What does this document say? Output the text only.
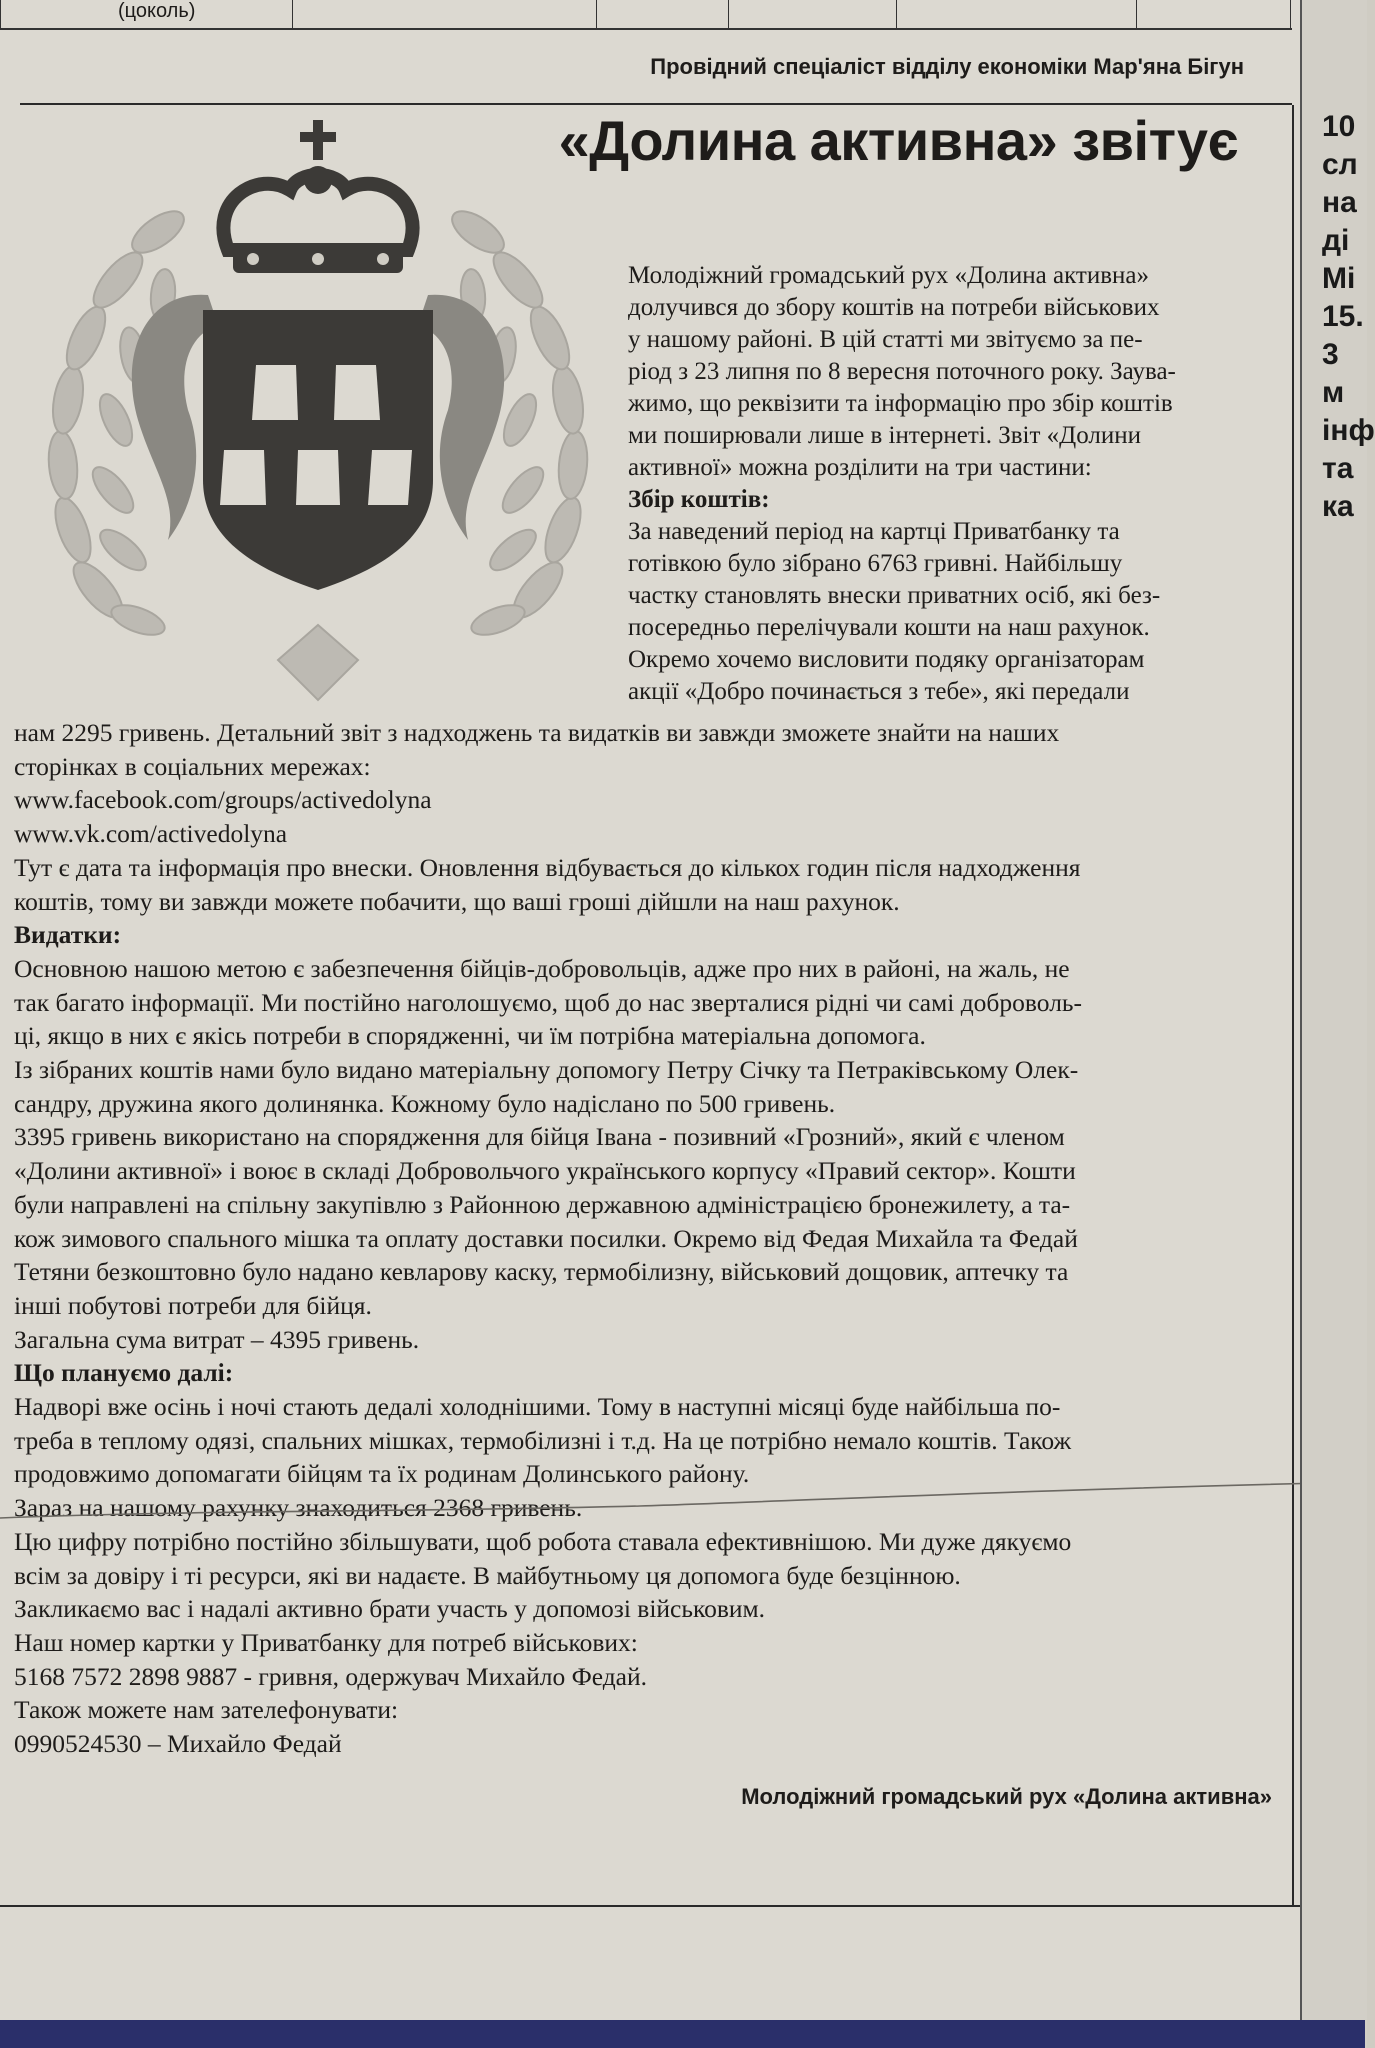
(цоколь)
Провідний спеціаліст відділу економіки Мар'яна Бігун
«Долина активна» звітує
Молодіжний громадський рух «Долина активна»
долучився до збору коштів на потреби військових
у нашому районі. В цій статті ми звітуємо за пе-
ріод з 23 липня по 8 вересня поточного року. Заува-
жимо, що реквізити та інформацію про збір коштів
ми поширювали лише в інтернеті. Звіт «Долини
активної» можна розділити на три частини:
Збір коштів:
За наведений період на картці Приватбанку та
готівкою було зібрано 6763 гривні. Найбільшу
частку становлять внески приватних осіб, які без-
посередньо перелічували кошти на наш рахунок.
Окремо хочемо висловити подяку організаторам
акції «Добро починається з тебе», які передали
нам 2295 гривень. Детальний звіт з надходжень та видатків ви завжди зможете знайти на наших
сторінках в соціальних мережах:
www.facebook.com/groups/activedolyna
www.vk.com/activedolyna
Тут є дата та інформація про внески. Оновлення відбувається до кількох годин після надходження
коштів, тому ви завжди можете побачити, що ваші гроші дійшли на наш рахунок.
Видатки:
Основною нашою метою є забезпечення бійців-добровольців, адже про них в районі, на жаль, не
так багато інформації. Ми постійно наголошуємо, щоб до нас зверталися рідні чи самі доброволь-
ці, якщо в них є якісь потреби в спорядженні, чи їм потрібна матеріальна допомога.
Із зібраних коштів нами було видано матеріальну допомогу Петру Січку та Петраківському Олек-
сандру, дружина якого долинянка. Кожному було надіслано по 500 гривень.
3395 гривень використано на спорядження для бійця Івана - позивний «Грозний», який є членом
«Долини активної» і воює в складі Добровольчого українського корпусу «Правий сектор». Кошти
були направлені на спільну закупівлю з Районною державною адміністрацією бронежилету, а та-
кож зимового спального мішка та оплату доставки посилки. Окремо від Федая Михайла та Федай
Тетяни безкоштовно було надано кевларову каску, термобілизну, військовий дощовик, аптечку та
інші побутові потреби для бійця.
Загальна сума витрат – 4395 гривень.
Що плануємо далі:
Надворі вже осінь і ночі стають дедалі холоднішими. Тому в наступні місяці буде найбільша по-
треба в теплому одязі, спальних мішках, термобілизні і т.д. На це потрібно немало коштів. Також
продовжимо допомагати бійцям та їх родинам Долинського району.
Зараз на нашому рахунку знаходиться 2368 гривень.
Цю цифру потрібно постійно збільшувати, щоб робота ставала ефективнішою. Ми дуже дякуємо
всім за довіру і ті ресурси, які ви надаєте. В майбутньому ця допомога буде безцінною.
Закликаємо вас і надалі активно брати участь у допомозі військовим.
Наш номер картки у Приватбанку для потреб військових:
5168 7572 2898 9887 - гривня, одержувач Михайло Федай.
Також можете нам зателефонувати:
0990524530 – Михайло Федай
Молодіжний громадський рух «Долина активна»
10
сл
на
ді
Mi
15.
3 м
інф
та
ка
